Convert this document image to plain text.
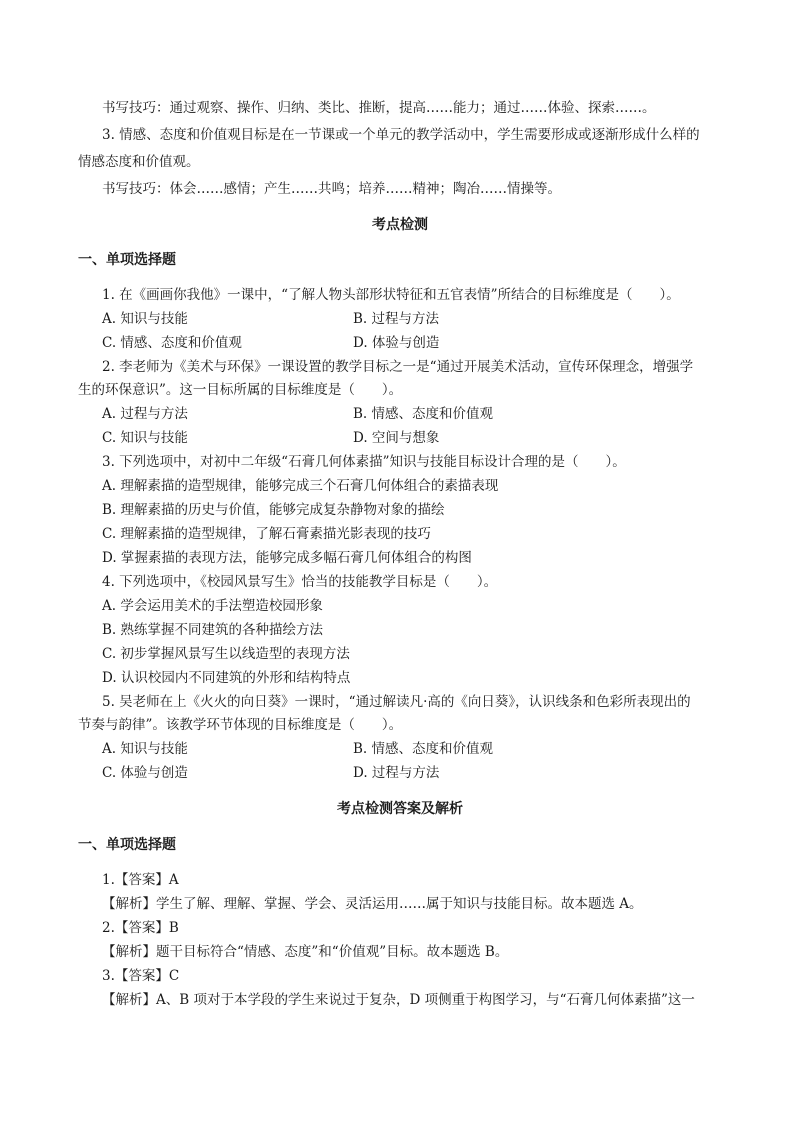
书写技巧：通过观察、操作、归纳、类比、推断，提高……能力；通过……体验、探索……。
3. 情感、态度和价值观目标是在一节课或一个单元的教学活动中，学生需要形成或逐渐形成什么样的
情感态度和价值观。
书写技巧：体会……感情；产生……共鸣；培养……精神；陶冶……情操等。
考点检测
一、单项选择题
1. 在《画画你我他》一课中，“了解人物头部形状特征和五官表情”所结合的目标维度是（　　）。
A. 知识与技能	B. 过程与方法
C. 情感、态度和价值观	D. 体验与创造
2. 李老师为《美术与环保》一课设置的教学目标之一是“通过开展美术活动，宣传环保理念，增强学
生的环保意识”。这一目标所属的目标维度是（　　）。
A. 过程与方法	B. 情感、态度和价值观
C. 知识与技能	D. 空间与想象
3. 下列选项中，对初中二年级“石膏几何体素描”知识与技能目标设计合理的是（　　）。
A. 理解素描的造型规律，能够完成三个石膏几何体组合的素描表现
B. 理解素描的历史与价值，能够完成复杂静物对象的描绘
C. 理解素描的造型规律，了解石膏素描光影表现的技巧
D. 掌握素描的表现方法，能够完成多幅石膏几何体组合的构图
4. 下列选项中，《校园风景写生》恰当的技能教学目标是（　　）。
A. 学会运用美术的手法塑造校园形象
B. 熟练掌握不同建筑的各种描绘方法
C. 初步掌握风景写生以线造型的表现方法
D. 认识校园内不同建筑的外形和结构特点
5. 吴老师在上《火火的向日葵》一课时，“通过解读凡·高的《向日葵》，认识线条和色彩所表现出的
节奏与韵律”。该教学环节体现的目标维度是（　　）。
A. 知识与技能	B. 情感、态度和价值观
C. 体验与创造	D. 过程与方法
考点检测答案及解析
一、单项选择题
1.【答案】A
【解析】学生了解、理解、掌握、学会、灵活运用……属于知识与技能目标。故本题选 A。
2.【答案】B
【解析】题干目标符合“情感、态度”和“价值观”目标。故本题选 B。
3.【答案】C
【解析】A、B 项对于本学段的学生来说过于复杂，D 项侧重于构图学习，与“石膏几何体素描”这一
